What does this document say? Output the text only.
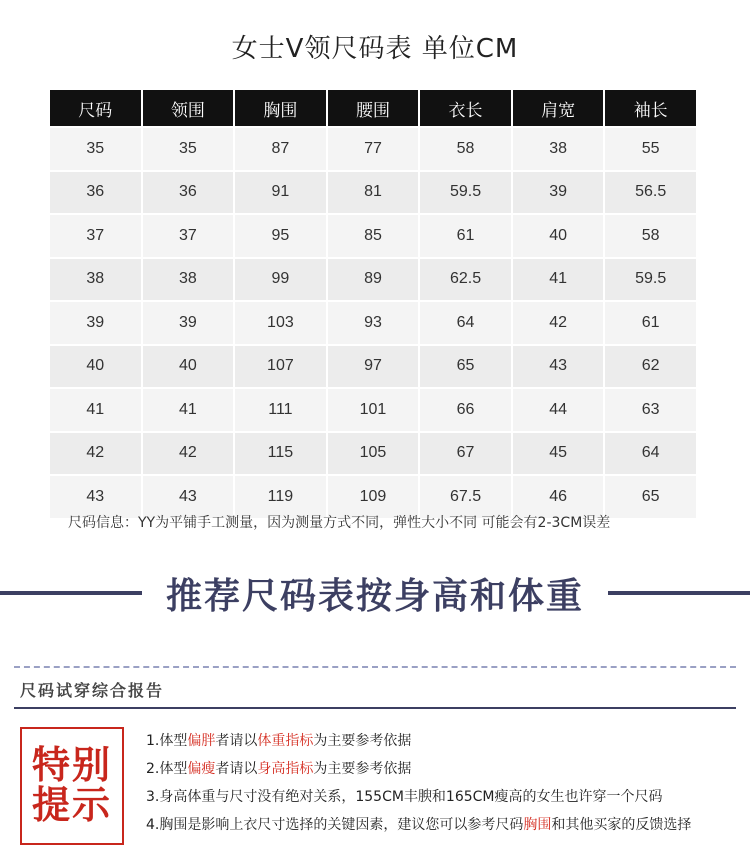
女士V领尺码表 单位CM
尺码	领围	胸围	腰围	衣长	肩宽	袖长
35	35	87	77	58	38	55
36	36	91	81	59.5	39	56.5
37	37	95	85	61	40	58
38	38	99	89	62.5	41	59.5
39	39	103	93	64	42	61
40	40	107	97	65	43	62
41	41	111	101	66	44	63
42	42	115	105	67	45	64
43	43	119	109	67.5	46	65
尺码信息：YY为平铺手工测量，因为测量方式不同，弹性大小不同 可能会有2-3CM误差
推荐尺码表按身高和体重
尺码试穿综合报告
特别
提示
1.体型偏胖者请以体重指标为主要参考依据
2.体型偏瘦者请以身高指标为主要参考依据
3.身高体重与尺寸没有绝对关系，155CM丰腴和165CM瘦高的女生也许穿一个尺码
4.胸围是影响上衣尺寸选择的关键因素，建议您可以参考尺码胸围和其他买家的反馈选择
